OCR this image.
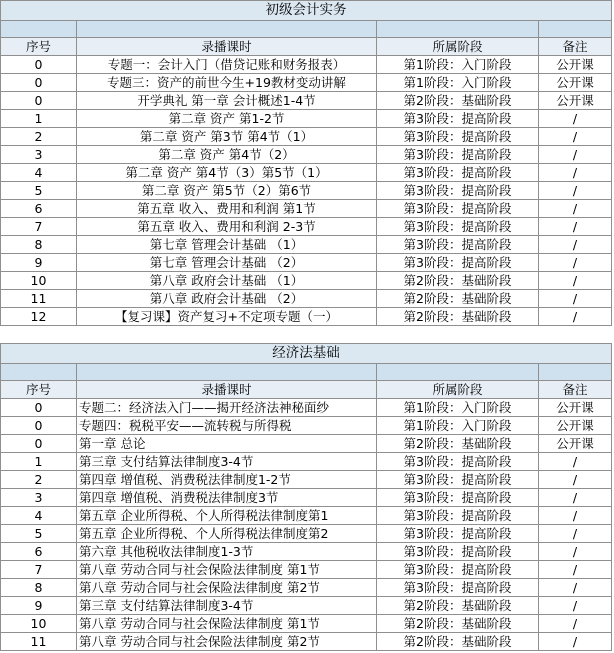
初级会计实务			

序号	录播课时	所属阶段	备注
0	专题一：会计入门（借贷记账和财务报表）	第1阶段：入门阶段	公开课
0	专题三：资产的前世今生+19教材变动讲解	第1阶段：入门阶段	公开课
0	开学典礼 第一章 会计概述1-4节	第2阶段：基础阶段	公开课
1	第二章 资产 第1-2节	第3阶段：提高阶段	/
2	第二章 资产 第3节 第4节（1）	第3阶段：提高阶段	/
3	第二章 资产 第4节（2）	第3阶段：提高阶段	/
4	第二章 资产 第4节（3）第5节（1）	第3阶段：提高阶段	/
5	第二章 资产 第5节（2）第6节	第3阶段：提高阶段	/
6	第五章 收入、费用和利润 第1节	第3阶段：提高阶段	/
7	第五章 收入、费用和利润 2-3节	第3阶段：提高阶段	/
8	第七章 管理会计基础 （1）	第3阶段：提高阶段	/
9	第七章 管理会计基础 （2）	第3阶段：提高阶段	/
10	第八章 政府会计基础 （1）	第2阶段：基础阶段	/
11	第八章 政府会计基础 （2）	第2阶段：基础阶段	/
12	【复习课】资产复习+不定项专题（一）	第2阶段：基础阶段	/
经济法基础			

序号	录播课时	所属阶段	备注
0	专题二：经济法入门——揭开经济法神秘面纱	第1阶段：入门阶段	公开课
0	专题四：税税平安——流转税与所得税	第1阶段：入门阶段	公开课
0	第一章 总论	第2阶段：基础阶段	公开课
1	第三章 支付结算法律制度3-4节	第3阶段：提高阶段	/
2	第四章 增值税、消费税法律制度1-2节	第3阶段：提高阶段	/
3	第四章 增值税、消费税法律制度3节	第3阶段：提高阶段	/
4	第五章 企业所得税、个人所得税法律制度第1	第3阶段：提高阶段	/
5	第五章 企业所得税、个人所得税法律制度第2	第3阶段：提高阶段	/
6	第六章 其他税收法律制度1-3节	第3阶段：提高阶段	/
7	第八章 劳动合同与社会保险法律制度 第1节	第3阶段：提高阶段	/
8	第八章 劳动合同与社会保险法律制度 第2节	第3阶段：提高阶段	/
9	第三章 支付结算法律制度3-4节	第2阶段：基础阶段	/
10	第八章 劳动合同与社会保险法律制度 第1节	第2阶段：基础阶段	/
11	第八章 劳动合同与社会保险法律制度 第2节	第2阶段：基础阶段	/
